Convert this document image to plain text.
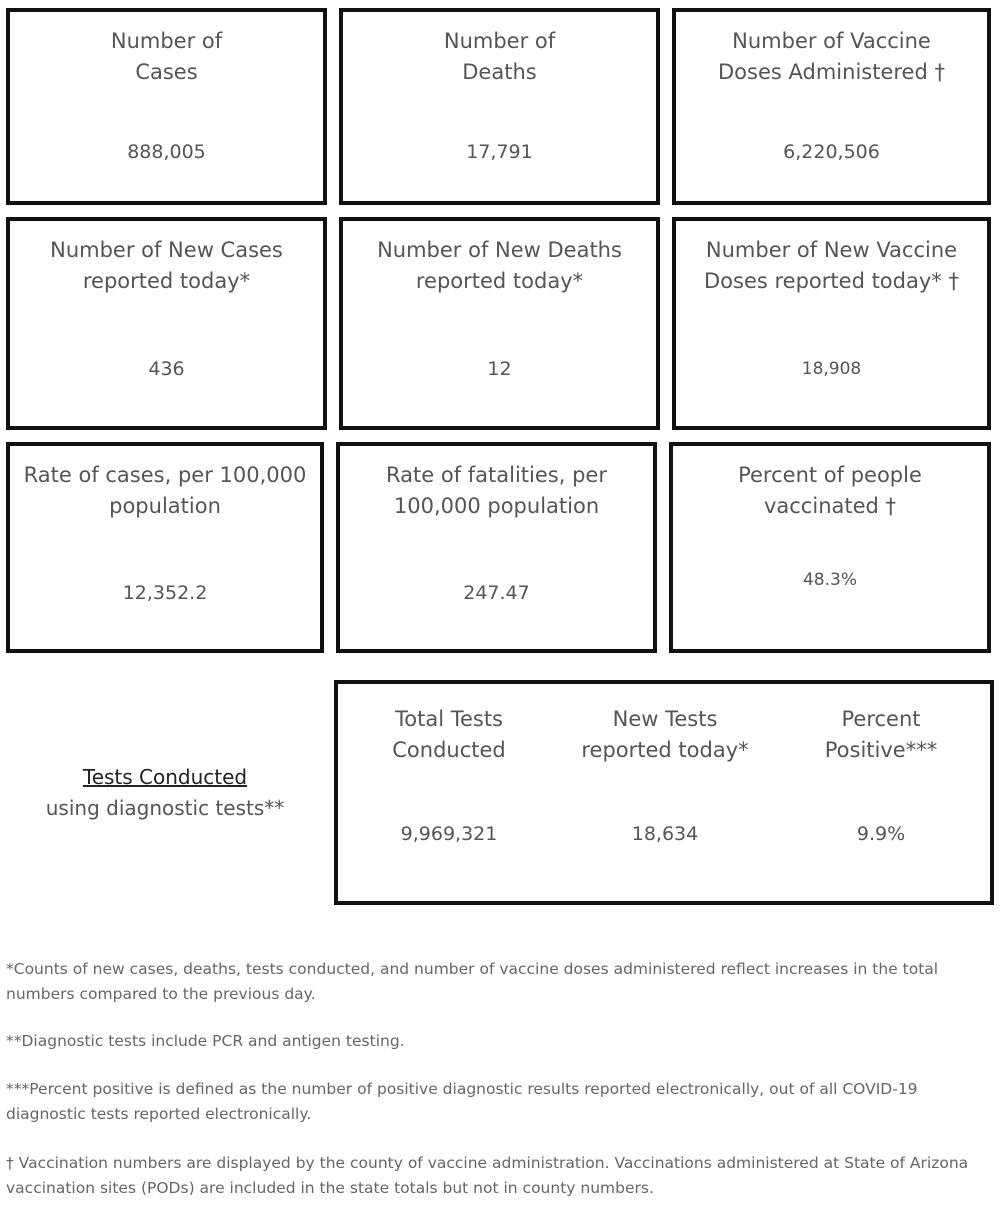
Number of
Cases
888,005
Number of
Deaths
17,791
Number of Vaccine
Doses Administered †
6,220,506
Number of New Cases
reported today*
436
Number of New Deaths
reported today*
12
Number of New Vaccine
Doses reported today* †
18,908
Rate of cases, per 100,000
population
12,352.2
Rate of fatalities, per
100,000 population
247.47
Percent of people
vaccinated †
48.3%
Tests Conducted
using diagnostic tests**
Total Tests
Conducted
9,969,321
New Tests
reported today*
18,634
Percent
Positive***
9.9%
*Counts of new cases, deaths, tests conducted, and number of vaccine doses administered reflect increases in the total numbers compared to the previous day.
**Diagnostic tests include PCR and antigen testing.
***Percent positive is defined as the number of positive diagnostic results reported electronically, out of all COVID-19 diagnostic tests reported electronically.
† Vaccination numbers are displayed by the county of vaccine administration. Vaccinations administered at State of Arizona vaccination sites (PODs) are included in the state totals but not in county numbers.
